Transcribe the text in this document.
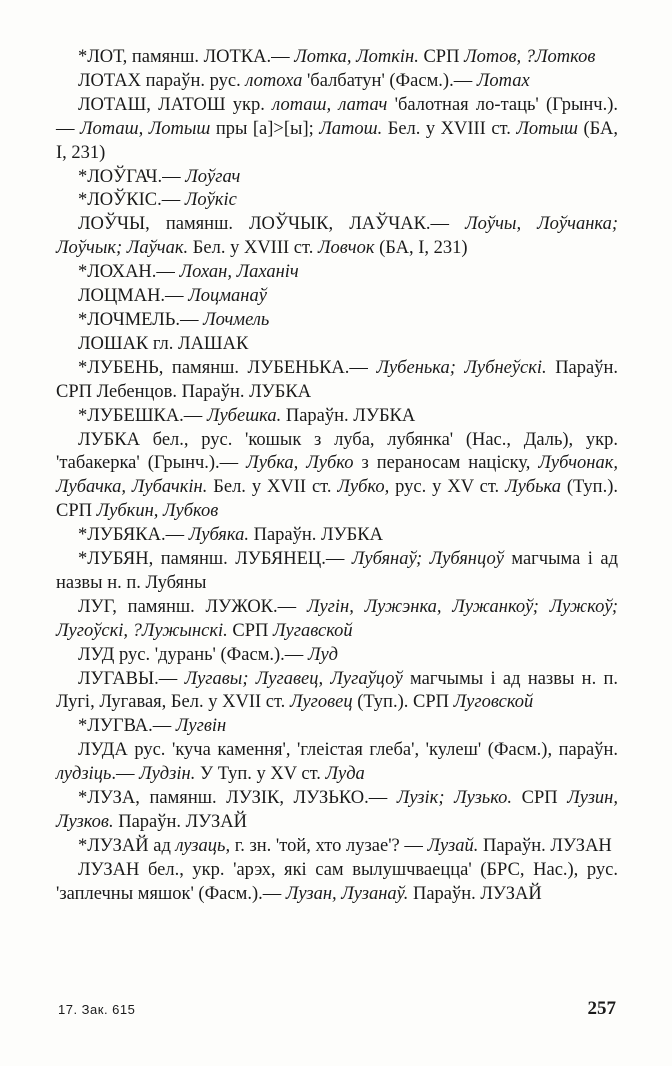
*ЛОТ, памянш. ЛОТКА.— Лотка, Лоткін. СРП Лотов, ?Лотков

ЛОТАХ параўн. рус. лотоха 'балбатун' (Фасм.).— Лотах

ЛОТАШ, ЛАТОШ укр. лоташ, латач 'балотная ло-таць' (Грынч.).— Лоташ, Лотыш пры [a]>[ы]; Латош. Бел. у XVIII ст. Лотыш (БА, I, 231)

*ЛОЎГАЧ.— Лоўгач

*ЛОЎКІС.— Лоўкіс

ЛОЎЧЫ, памянш. ЛОЎЧЫК, ЛАЎЧАК.— Лоўчы, Лоўчанка; Лоўчык; Лаўчак. Бел. у XVIII ст. Ловчок (БА, I, 231)

*ЛОХАН.— Лохан, Лаханіч

ЛОЦМАН.— Лоцманаў

*ЛОЧМЕЛЬ.— Лочмель

ЛОШАК гл. ЛАШАК

*ЛУБЕНЬ, памянш. ЛУБЕНЬКА.— Лубенька; Лубнеўскі. Параўн. СРП Лебенцов. Параўн. ЛУБКА

*ЛУБЕШКА.— Лубешка. Параўн. ЛУБКА

ЛУБКА бел., рус. 'кошык з луба, лубянка' (Нас., Даль), укр. 'табакерка' (Грынч.).— Лубка, Лубко з пераносам націску, Лубчонак, Лубачка, Лубачкін. Бел. у XVII ст. Лубко, рус. у XV ст. Лубька (Туп.). СРП Лубкин, Лубков

*ЛУБЯКА.— Лубяка. Параўн. ЛУБКА

*ЛУБЯН, памянш. ЛУБЯНЕЦ.— Лубянаў; Лубянцоў магчыма і ад назвы н. п. Лубяны

ЛУГ, памянш. ЛУЖОК.— Лугін, Лужэнка, Лужанкоў; Лужкоў; Лугоўскі, ?Лужынскі. СРП Лугавской

ЛУД рус. 'дурань' (Фасм.).— Луд

ЛУГАВЫ.— Лугавы; Лугавец, Лугаўцоў магчымы і ад назвы н. п. Лугі, Лугавая, Бел. у XVII ст. Луговец (Туп.). СРП Луговской

*ЛУГВА.— Лугвін

ЛУДА рус. 'куча камення', 'глеістая глеба', 'кулеш' (Фасм.), параўн. лудзіць.— Лудзін. У Туп. у XV ст. Луда

*ЛУЗА, памянш. ЛУЗІК, ЛУЗЬКО.— Лузік; Лузько. СРП Лузин, Лузков. Параўн. ЛУЗАЙ

*ЛУЗАЙ ад лузаць, г. зн. 'той, хто лузае'? — Лузай. Параўн. ЛУЗАН

ЛУЗАН бел., укр. 'арэх, які сам вылушчваецца' (БРС, Нас.), рус. 'заплечны мяшок' (Фасм.).— Лузан, Лузанаў. Параўн. ЛУЗАЙ

17. Зак. 615	257
